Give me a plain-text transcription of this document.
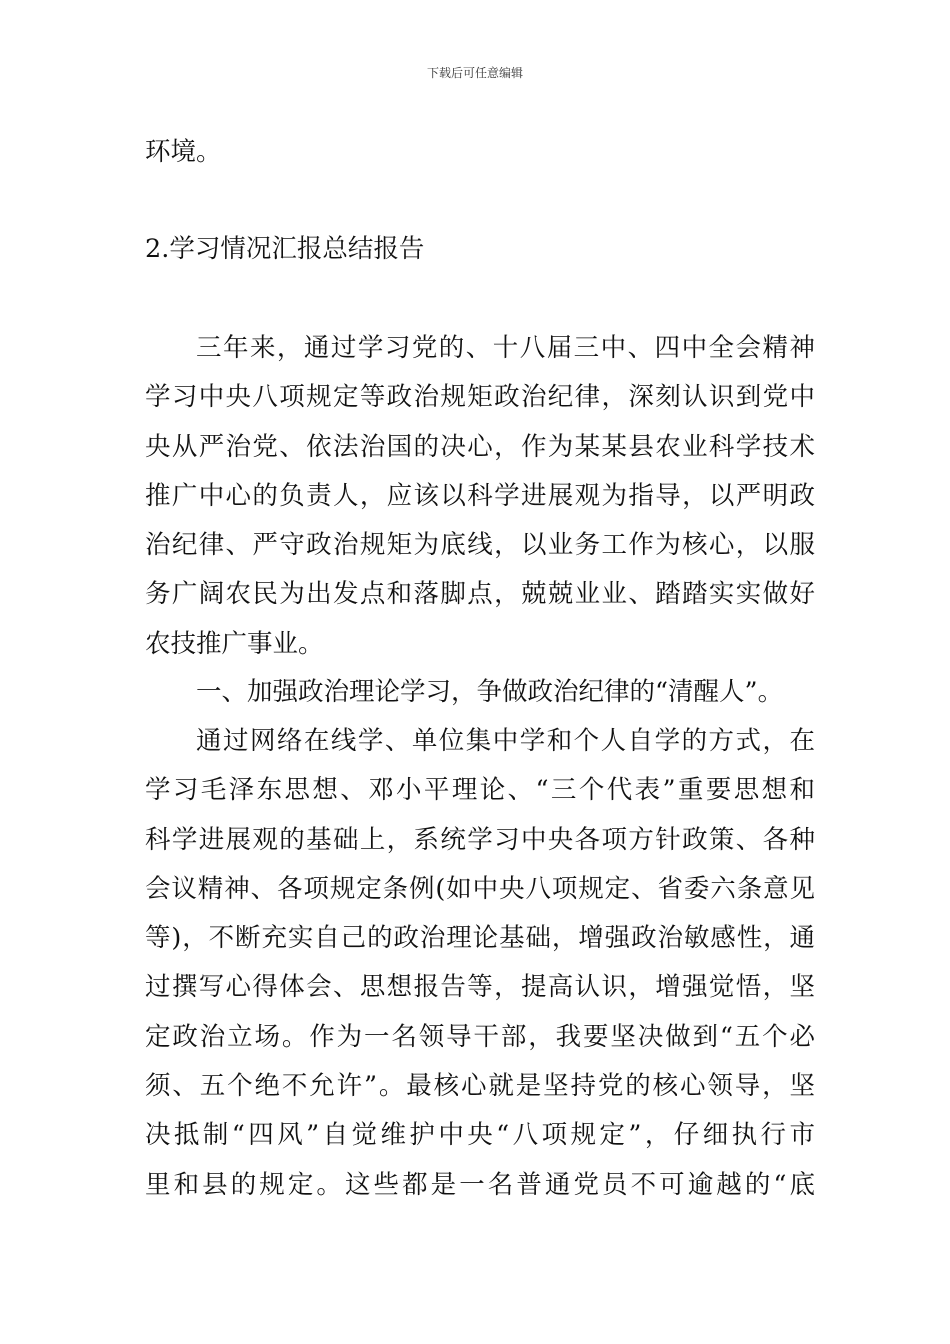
下载后可任意编辑

环境。

2.学习情况汇报总结报告

三年来，通过学习党的、十八届三中、四中全会精神
学习中央八项规定等政治规矩政治纪律，深刻认识到党中
央从严治党、依法治国的决心，作为某某县农业科学技术
推广中心的负责人，应该以科学进展观为指导，以严明政
治纪律、严守政治规矩为底线，以业务工作为核心，以服
务广阔农民为出发点和落脚点，兢兢业业、踏踏实实做好
农技推广事业。

一、加强政治理论学习，争做政治纪律的“清醒人”。

通过网络在线学、单位集中学和个人自学的方式，在
学习毛泽东思想、邓小平理论、“三个代表”重要思想和
科学进展观的基础上，系统学习中央各项方针政策、各种
会议精神、各项规定条例(如中央八项规定、省委六条意见
等)，不断充实自己的政治理论基础，增强政治敏感性，通
过撰写心得体会、思想报告等，提高认识，增强觉悟，坚
定政治立场。作为一名领导干部，我要坚决做到“五个必
须、五个绝不允许”。最核心就是坚持党的核心领导，坚
决抵制“四风”自觉维护中央“八项规定”，仔细执行市
里和县的规定。这些都是一名普通党员不可逾越的“底
